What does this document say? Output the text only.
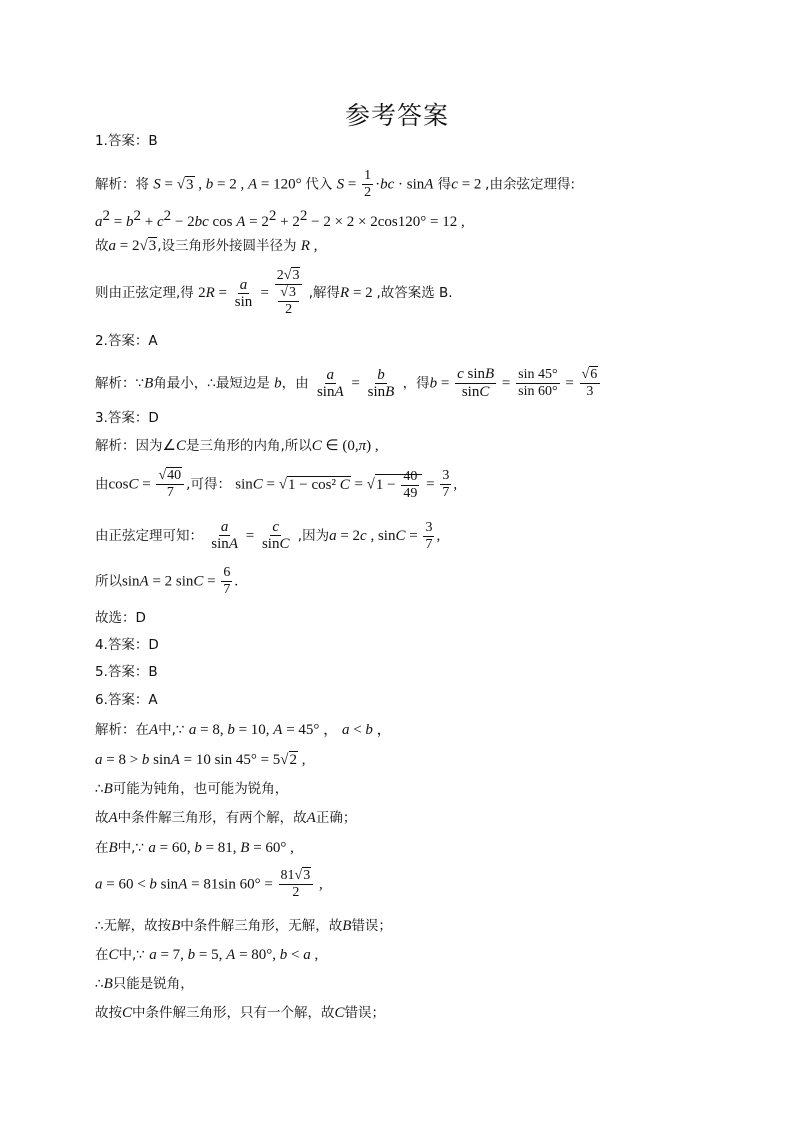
参考答案
1.答案：B
解析：将 S = √3 , b = 2 , A = 120° 代入 $S = \frac{1}{2} \cdot bc \cdot \sin A$ 得c = 2 ,由余弦定理得:
$a^2 = b^2 + c^2 - 2bc$ $\cos A = 2^2 + 2^2 - 2 \times 2 \times 2\cos 120^\circ = 12$ ,
故a = 2√3,设三角形外接圆半径为 R ,
则由正弦定理,得 $2R = \frac{a}{\sin} = \frac{2√3}{\frac{√3}{2}}$ ,解得R = 2 ,故答案选 B.
2.答案：A
解析：∵B角最小，∴最短边是 b，由 $\frac{a}{\sin A} = \frac{b}{\sin B}$ ，得$b = \frac{\text{c sinB}}{\sin C} = \frac{\sin 45^\circ}{\sin 60^\circ} = \frac{√6}{3}$
3.答案：D
解析：因为∠C是三角形的内角,所以C ∈ (0,π) ,
由$\cos C = \frac{√40}{7}$ ,可得： sinC = √1 − cos² $C = √1 - \frac{40}{49} = \frac{3}{7}$ ,
由正弦定理可知： $\frac{a}{\sin A} = \frac{c}{\sin C}$ ,因为a = 2c , $\sin C = \frac{3}{7}$ ,
所以sinA = 2 $\sin C = \frac{6}{7}$ .
故选：D
4.答案：D
5.答案：B
6.答案：A
解析：在A中,∵ a = 8, b = 10, A = 45° ， a < b ，
a = 8 > b sinA = 10 sin 45° = 5√2 ,
∴B可能为钝角，也可能为锐角，
故A中条件解三角形，有两个解，故A正确；
在B中,∵ a = 60, b = 81, B = 60° ,
a = 60 < b sinA = 81sin $60^\circ = \frac{81√3}{2}$ ,
∴无解，故按B中条件解三角形，无解，故B错误；
在C中,∵ a = 7, b = 5, A = 80°, b < a ,
∴B只能是锐角，
故按C中条件解三角形，只有一个解，故C错误；
